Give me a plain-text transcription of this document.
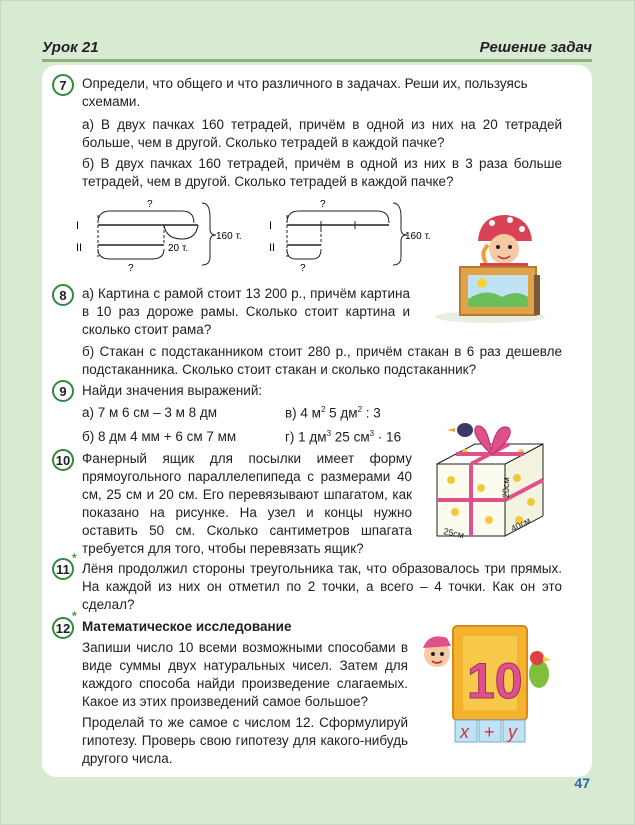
Урок 21	Решение задач
7	Определи, что общего и что различного в задачах. Реши их, пользуясь схемами.

а) В двух пачках 160 тетрадей, причём в одной из них на 20 тетрадей больше, чем в другой. Сколько тетрадей в каждой пачке?

б) В двух пачках 160 тетрадей, причём в одной из них в 3 раза больше тетрадей, чем в другой. Сколько тетрадей в каждой пачке?

?
I
20 т.
II
?
160 т.
?
I
II
?
160 т.
8	а) Картина с рамой стоит 13 200 р., причём картина в 10 раз дороже рамы. Сколько стоит картина и сколько стоит рама?

б) Стакан с подстаканником стоит 280 р., причём стакан в 6 раз дешевле подстаканника. Сколько стоит стакан и сколько подстаканник?

9	Найди значения выражений:

а) 7 м 6 см – 3 м 8 дм
б) 8 дм 4 мм + 6 см 7 мм
в) 4 $м^2$ 5 $дм^2$ : 3
г) 1 $дм^3$ 25 $см^3 \cdot 16$
10 Фанерный ящик для посылки имеет форму прямоугольного параллелепипеда с размерами 40 см, 25 см и 20 см. Его перевязывают шпагатом, как показано на рисунке. На узел и концы нужно оставить 50 см. Сколько сантиметров шпагата требуется для того, чтобы перевязать ящик?

20см
25см	40см
11
*

Лёня продолжил стороны треугольника так, что образовалось три прямых. На каждой из них он отметил по 2 точки, а всего – 4 точки. Как он это сделал?

12
*
Математическое исследование

Запиши число 10 всеми возможными способами в виде суммы двух натуральных чисел. Затем для каждого способа найди произведение слагаемых. Какое из этих произведений самое большое?

Проделай то же самое с числом 12. Сформулируй гипотезу. Проверь свою гипотезу для какого-нибудь другого числа.

10
x + y
47
